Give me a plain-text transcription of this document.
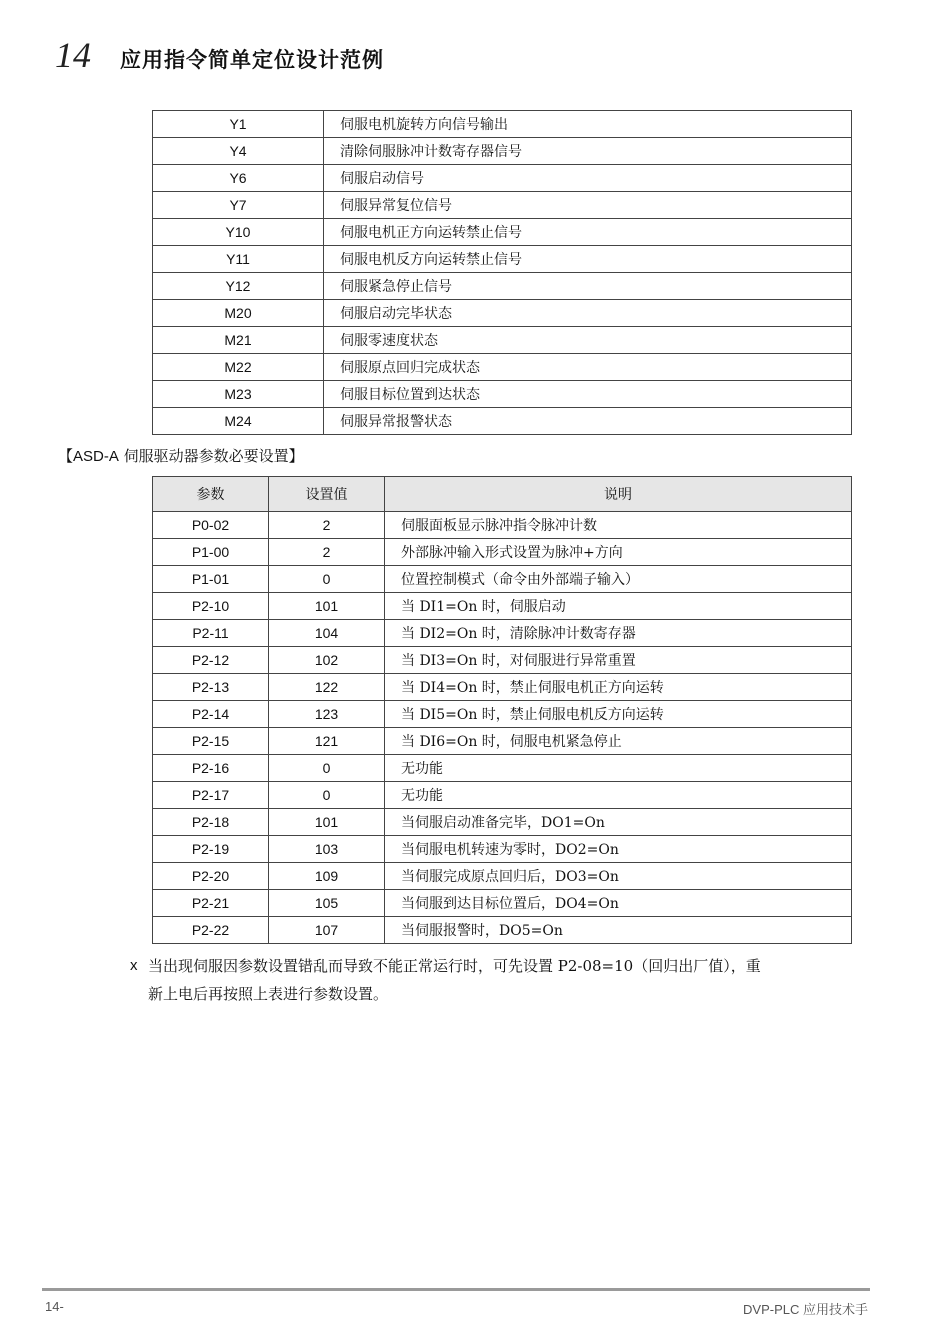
14 应用指令简单定位设计范例
Y1	伺服电机旋转方向信号输出
Y4	清除伺服脉冲计数寄存器信号
Y6	伺服启动信号
Y7	伺服异常复位信号
Y10	伺服电机正方向运转禁止信号
Y11	伺服电机反方向运转禁止信号
Y12	伺服紧急停止信号
M20	伺服启动完毕状态
M21	伺服零速度状态
M22	伺服原点回归完成状态
M23	伺服目标位置到达状态
M24	伺服异常报警状态
【ASD-A 伺服驱动器参数必要设置】
参数	设置值	说明
P0-02	2	伺服面板显示脉冲指令脉冲计数
P1-00	2	外部脉冲输入形式设置为脉冲+方向
P1-01	0	位置控制模式（命令由外部端子输入）
P2-10	101	当 DI1=On 时，伺服启动
P2-11	104	当 DI2=On 时，清除脉冲计数寄存器
P2-12	102	当 DI3=On 时，对伺服进行异常重置
P2-13	122	当 DI4=On 时，禁止伺服电机正方向运转
P2-14	123	当 DI5=On 时，禁止伺服电机反方向运转
P2-15	121	当 DI6=On 时，伺服电机紧急停止
P2-16	0	无功能
P2-17	0	无功能
P2-18	101	当伺服启动准备完毕，DO1=On
P2-19	103	当伺服电机转速为零时，DO2=On
P2-20	109	当伺服完成原点回归后，DO3=On
P2-21	105	当伺服到达目标位置后，DO4=On
P2-22	107	当伺服报警时，DO5=On
x 当出现伺服因参数设置错乱而导致不能正常运行时，可先设置 P2-08=10（回归出厂值），重
新上电后再按照上表进行参数设置。
14-	DVP-PLC 应用技术手
